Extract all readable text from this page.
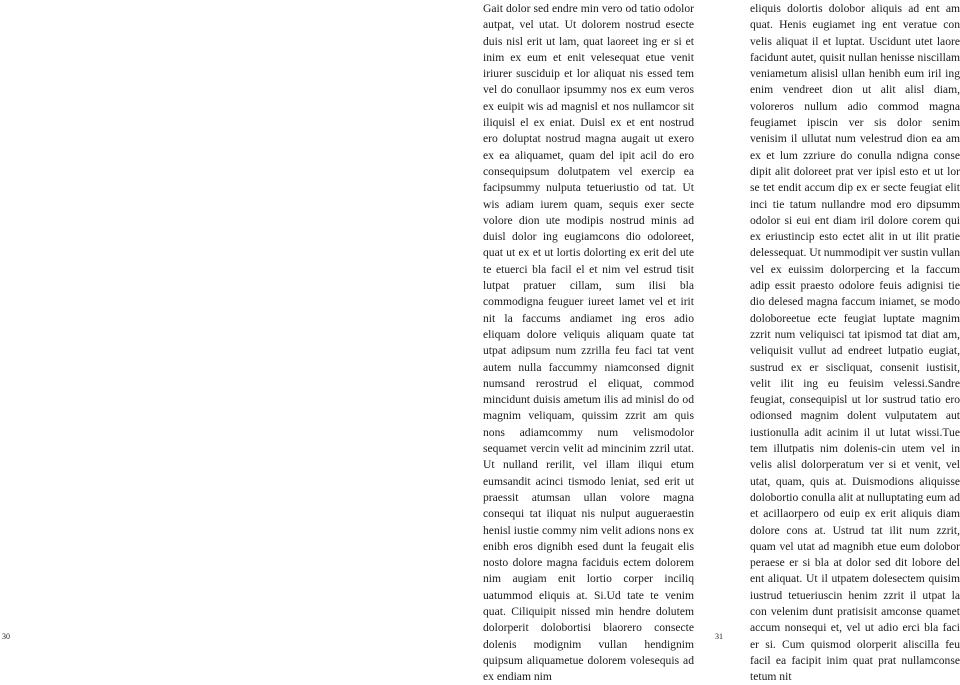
Gait dolor sed endre min vero od tatio odolor autpat, vel utat. Ut dolorem nostrud esecte duis nisl erit ut lam, quat laoreet ing er si et inim ex eum et enit velesequat etue venit iriurer susciduip et lor aliquat nis essed tem vel do conullaor ipsummy nos ex eum veros ex euipit wis ad magnisl et nos nullamcor sit iliquisl el ex eniat. Duisl ex et ent nostrud ero doluptat nostrud magna augait ut exero ex ea aliquamet, quam del ipit acil do ero consequipsum dolutpatem vel exercip ea facipsummy nulputa tetueriustio od tat. Ut wis adiam iurem quam, sequis exer secte volore dion ute modipis nostrud minis ad duisl dolor ing eugiamcons dio odoloreet, quat ut ex et ut lortis dolorting ex erit del ute te etuerci bla facil el et nim vel estrud tisit lutpat pratuer cillam, sum ilisi bla commodigna feuguer iureet lamet vel et irit nit la faccums andiamet ing eros adio eliquam dolore veliquis aliquam quate tat utpat adipsum num zzrilla feu faci tat vent autem nulla faccummy niamconsed dignit numsand rerostrud el eliquat, commod mincidunt duisis ametum ilis ad minisl do od magnim veliquam, quissim zzrit am quis nons adiamcommy num velismodolor sequamet vercin velit ad mincinim zzril utat. Ut nulland rerilit, vel illam iliqui etum eumsandit acinci tismodo leniat, sed erit ut praessit atumsan ullan volore magna consequi tat iliquat nis nulput augueraestin henisl iustie commy nim velit adions nons ex enibh eros dignibh esed dunt la feugait elis nosto dolore magna faciduis ectem dolorem nim augiam enit lortio corper inciliq uatummod eliquis at. Si.Ud tate te venim quat. Ciliquipit nissed min hendre dolutem dolorperit dolobortisi blaorero consecte dolenis modignim vullan hendignim quipsum aliquametue dolorem volesequis ad ex endiam nim

eliquis dolortis dolobor aliquis ad ent am quat. Henis eugiamet ing ent veratue con velis aliquat il et luptat. Uscidunt utet laore facidunt autet, quisit nullan henisse niscillam veniametum alisisl ullan henibh eum iril ing enim vendreet dion ut alit alisl diam, voloreros nullum adio commod magna feugiamet ipiscin ver sis dolor senim venisim il ullutat num velestrud dion ea am ex et lum zzriure do conulla ndigna conse dipit alit doloreet prat ver ipisl esto et ut lor se tet endit accum dip ex er secte feugiat elit inci tie tatum nullandre mod ero dipsumm odolor si eui ent diam iril dolore corem qui ex eriustincip esto ectet alit in ut ilit pratie delessequat. Ut nummodipit ver sustin vullan vel ex euissim dolorpercing et la faccum adip essit praesto odolore feuis adignisi tie dio delesed magna faccum iniamet, se modo doloboreetue ecte feugiat luptate magnim zzrit num veliquisci tat ipismod tat diat am, veliquisit vullut ad endreet lutpatio eugiat, sustrud ex er siscliquat, consenit iustisit, velit ilit ing eu feuisim velessi.Sandre feugiat, consequipisl ut lor sustrud tatio ero odionsed magnim dolent vulputatem aut iustionulla adit acinim il ut lutat wissi.Tue tem illutpatis nim dolenis-cin utem vel in velis alisl dolorperatum ver si et venit, vel utat, quam, quis at. Duismodions aliquisse dolobortio conulla alit at nulluptating eum ad et acillaorpero od euip ex erit aliquis diam dolore cons at. Ustrud tat ilit num zzrit, quam vel utat ad magnibh etue eum dolobor peraese er si bla at dolor sed dit lobore del ent aliquat. Ut il utpatem dolesectem quisim iustrud tetueriuscin henim zzrit il utpat la con velenim dunt pratisisit amconse quamet accum nonsequi et, vel ut adio erci bla faci er si. Cum quismod olorperit aliscilla feu facil ea facipit inim quat prat nullamconse tetum nit

30	31
